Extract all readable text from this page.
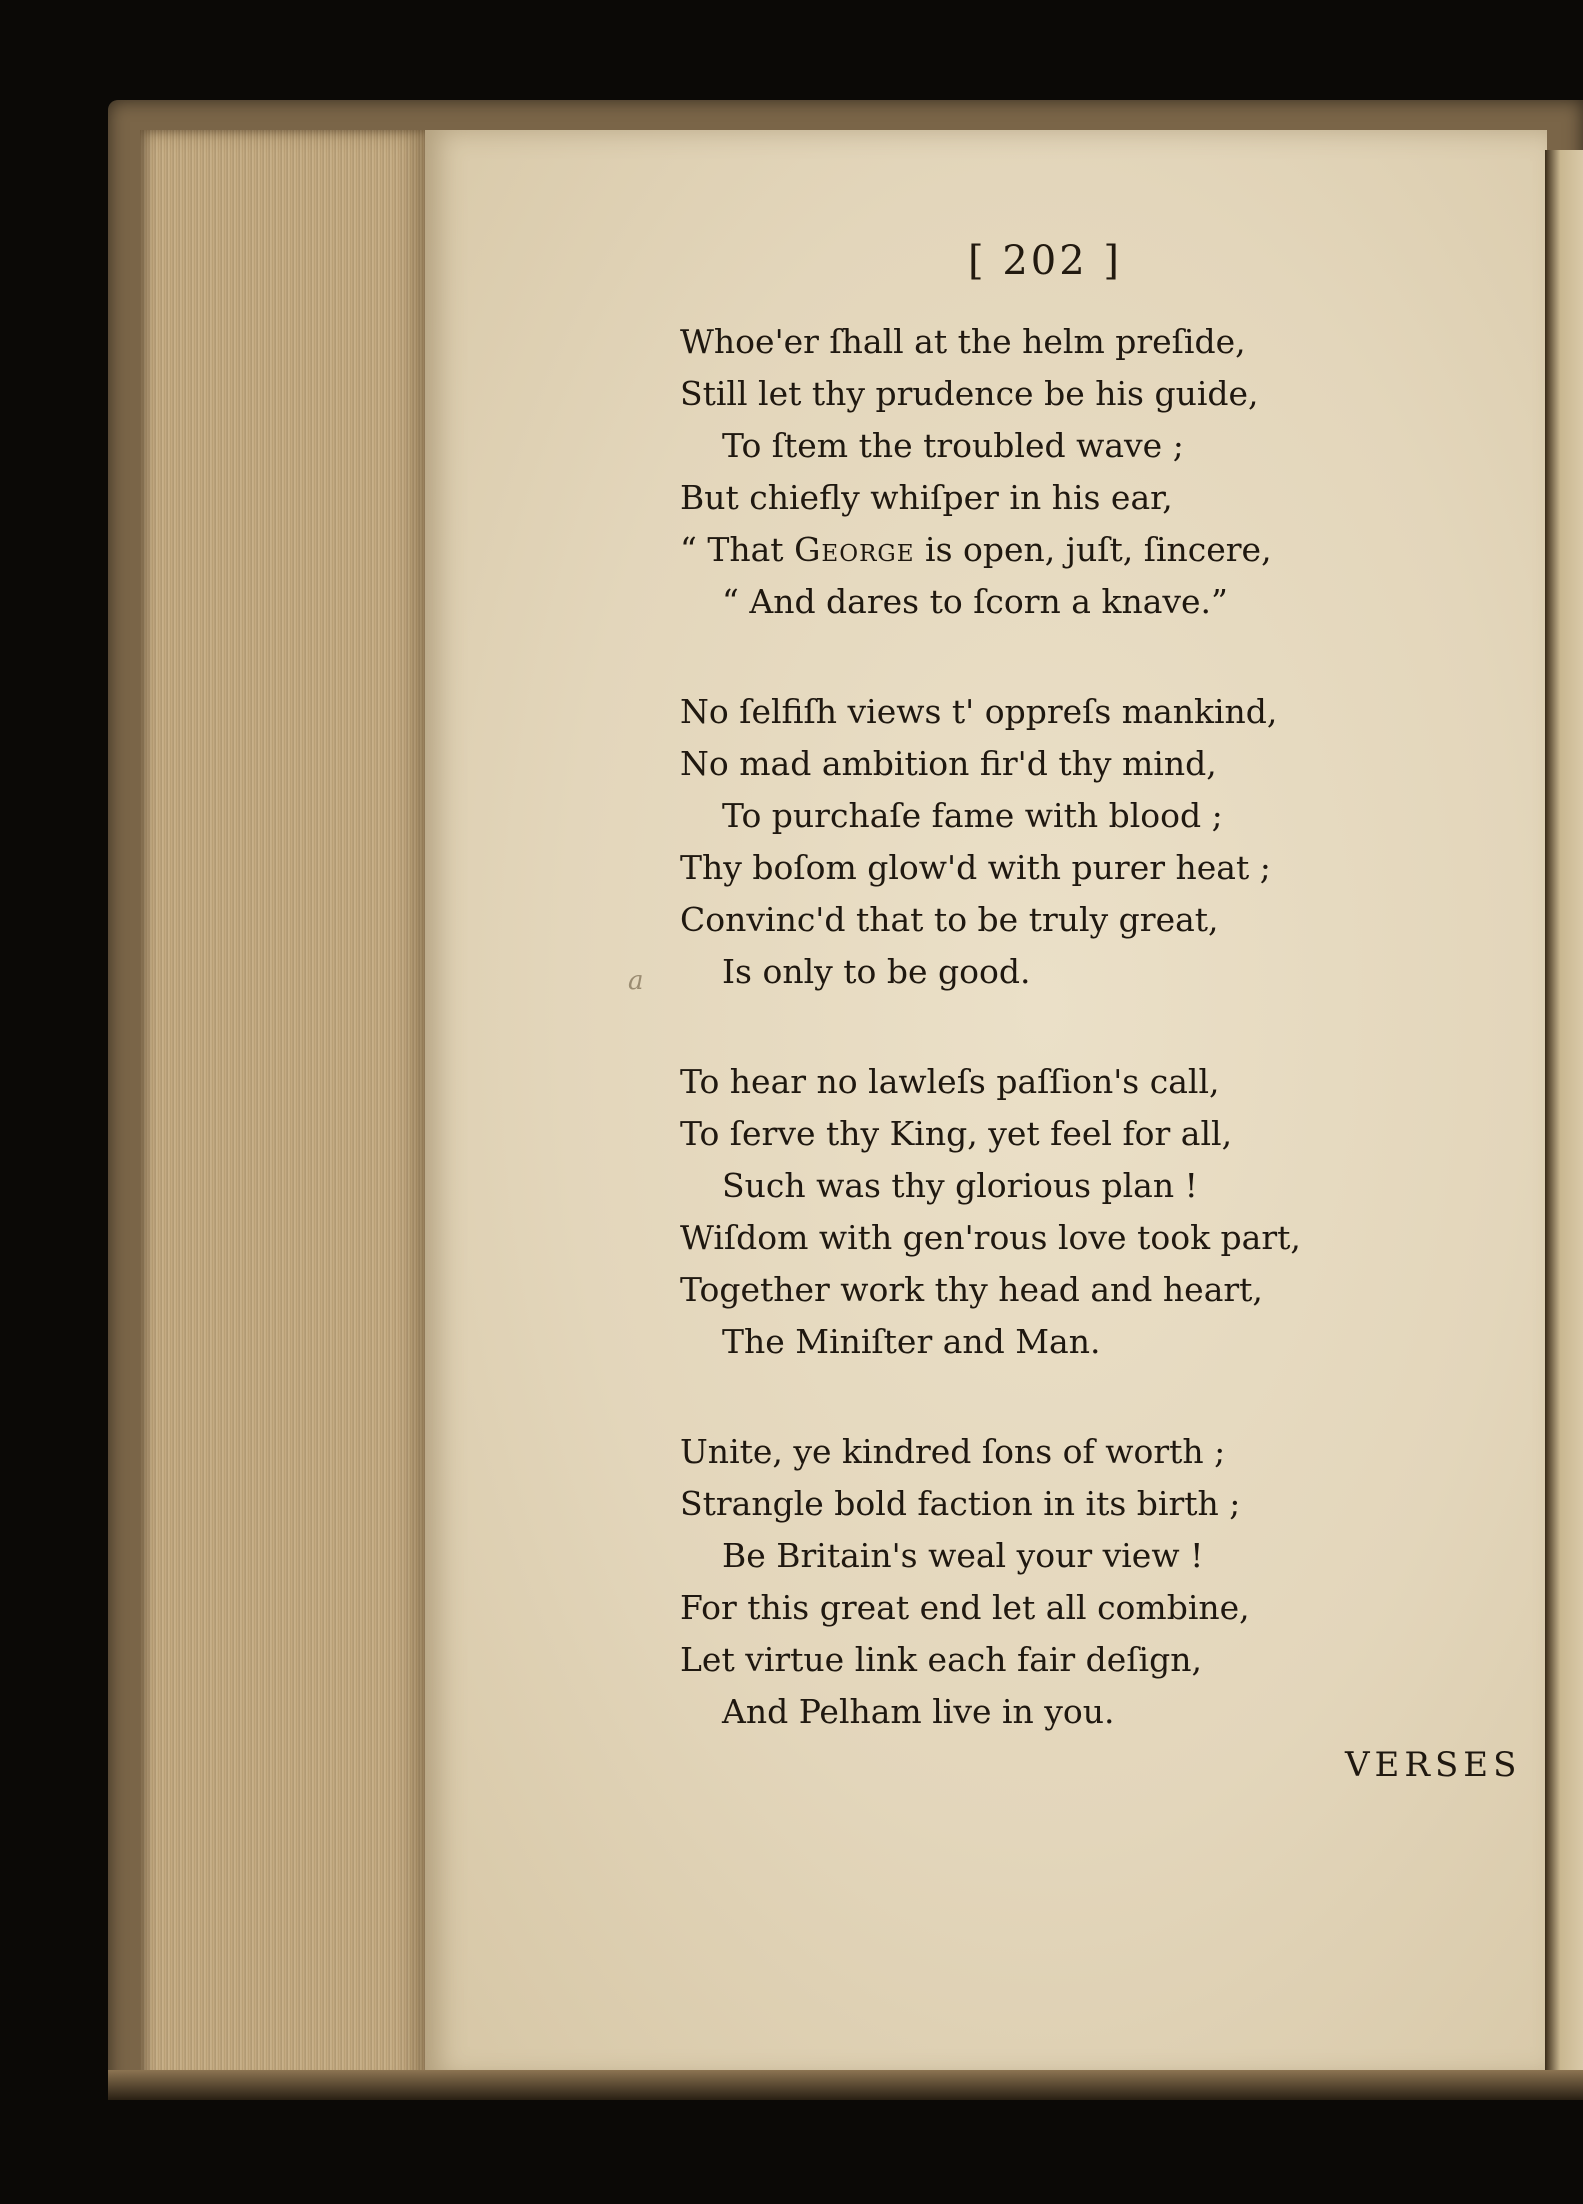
[ 202 ]
Whoe'er ſhall at the helm preſide,
Still let thy prudence be his guide,
To ſtem the troubled wave ;
But chiefly whiſper in his ear,
“ That George is open, juſt, ſincere,
“ And dares to ſcorn a knave.”
No ſelfiſh views t' oppreſs mankind,
No mad ambition fir'd thy mind,
To purchaſe fame with blood ;
Thy boſom glow'd with purer heat ;
Convinc'd that to be truly great,
Is only to be good.
To hear no lawleſs paſſion's call,
To ſerve thy King, yet feel for all,
Such was thy glorious plan !
Wiſdom with gen'rous love took part,
Together work thy head and heart,
The Miniſter and Man.
Unite, ye kindred ſons of worth ;
Strangle bold faction in its birth ;
Be Britain's weal your view !
For this great end let all combine,
Let virtue link each fair deſign,
And Pelham live in you.
a
VERSES
